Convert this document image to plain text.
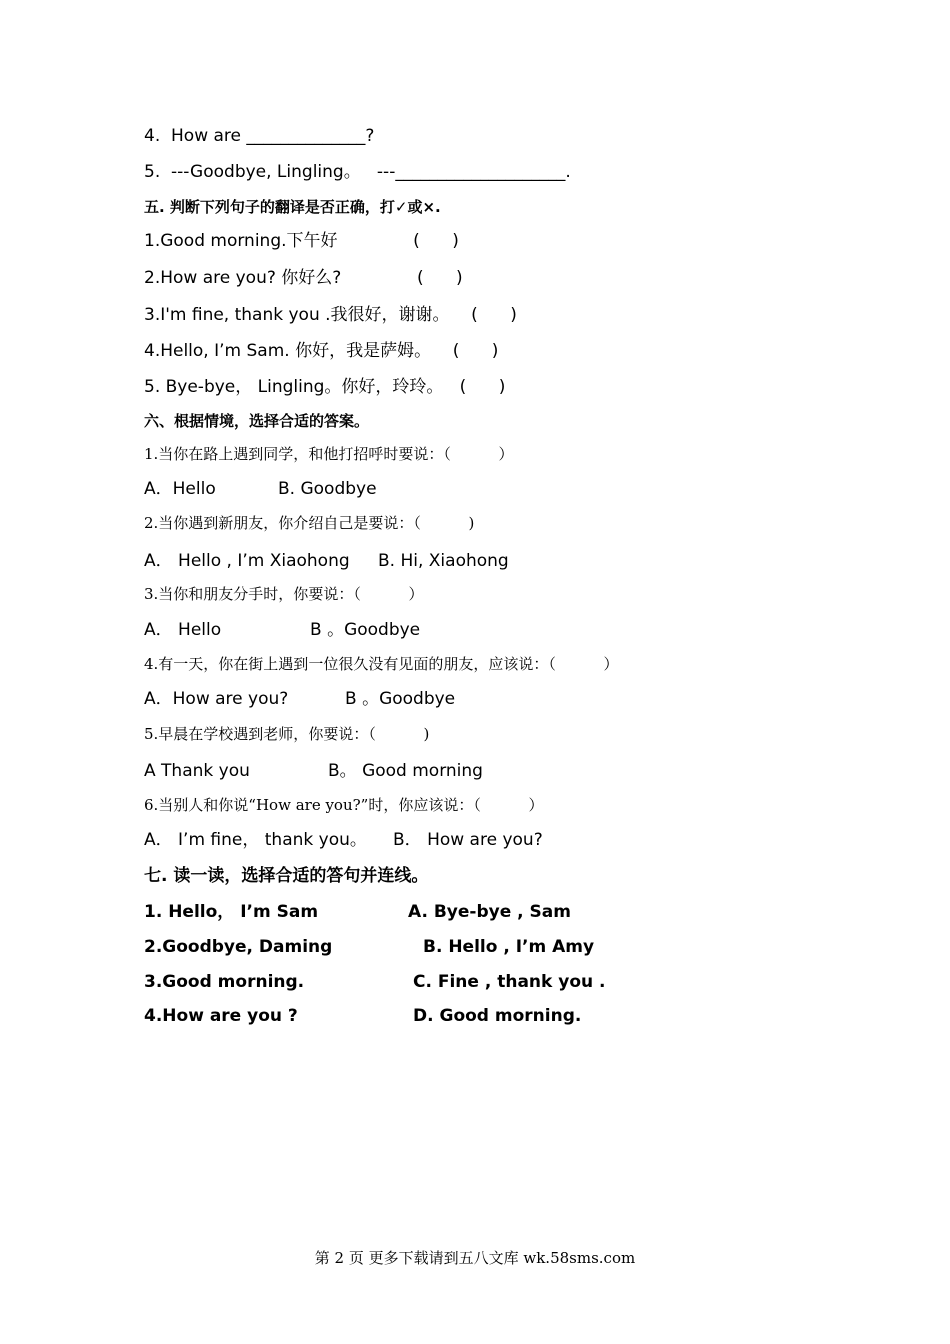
4.  How are ______________?
5.  ---Goodbye, Lingling。   ---____________________.
五. 判断下列句子的翻译是否正确，打✓或×.
1.Good morning.下午好              (      )
2.How are you? 你好么?              (      )
3.I'm fine, thank you .我很好，谢谢。    (      )
4.Hello, I’m Sam. 你好，我是萨姆。    (      )
5. Bye-bye， Lingling。你好，玲玲。   (      )
六、根据情境，选择合适的答案。
1.当你在路上遇到同学，和他打招呼时要说：（          ）
A．Hello	B. Goodbye
2.当你遇到新朋友，你介绍自己是要说：（          )
A． Hello , I’m Xiaohong B. Hi, Xiaohong
3.当你和朋友分手时，你要说：（          ）
A． Hello	B 。Goodbye
4.有一天，你在街上遇到一位很久没有见面的朋友，应该说：（          ）
A．How are you?	B 。Goodbye
5.早晨在学校遇到老师，你要说：（          )
A Thank you	B。 Good morning
6.当别人和你说“How are you?”时，你应该说：（          ）
A． I’m fine， thank you。 B． How are you?
七. 读一读，选择合适的答句并连线。
1. Hello， I’m Sam	A. Bye-bye , Sam
2.Goodbye, Daming	B. Hello , I’m Amy
3.Good morning.	C. Fine , thank you .
4.How are you ?	D. Good morning.
第 2 页 更多下载请到五八文库 wk.58sms.com
